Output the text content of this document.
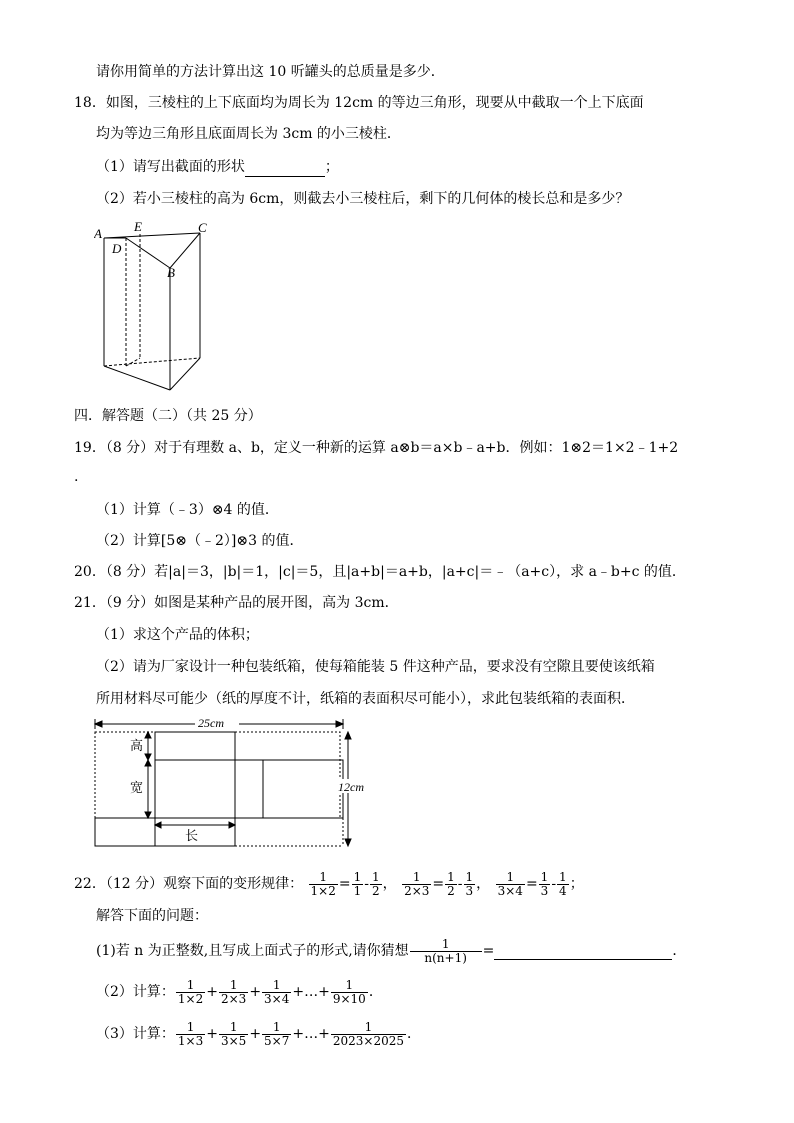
请你用简单的方法计算出这 10 听罐头的总质量是多少．
18．如图，三棱柱的上下底面均为周长为 12cm 的等边三角形，现要从中截取一个上下底面
均为等边三角形且底面周长为 3cm 的小三棱柱．
（1）请写出截面的形状	；
（2）若小三棱柱的高为 6cm，则截去小三棱柱后，剩下的几何体的棱长总和是多少？
A E	C
D
B
四．解答题（二）（共 25 分）
19．（8 分）对于有理数 a、b，定义一种新的运算 a⊗b＝a×b﹣a+b．例如：1⊗2＝1×2﹣1+2
.
（1）计算（﹣3）⊗4 的值．
（2）计算[5⊗（﹣2）]⊗3 的值．
20．（8 分）若|a|＝3，|b|＝1，|c|＝5，且|a+b|＝a+b，|a+c|＝﹣（a+c），求 a﹣b+c 的值．
21．（9 分）如图是某种产品的展开图，高为 3cm．
（1）求这个产品的体积；
（2）请为厂家设计一种包装纸箱，使每箱能装 5 件这种产品，要求没有空隙且要使该纸箱
所用材料尽可能少（纸的厚度不计，纸箱的表面积尽可能小），求此包装纸箱的表面积．
25cm
12cm
高
宽
长
22．（12 分）观察下面的变形规律： $\frac{1}{1\times 2} = \frac{1}{1} - \frac{1}{2}$ ， $\frac{1}{2\times 3} = \frac{1}{2} - \frac{1}{3}$ ， $\frac{1}{3\times 4} = \frac{1}{3} - \frac{1}{4}$ ；
解答下面的问题：
(1)若 n 为正整数,且写成上面式子的形式,请你猜想 $\frac{1}{n(n+1)}$ =	．
（2）计算： $\frac{1}{1\times 2} + \frac{1}{2\times 3} + \frac{1}{3\times 4}$ +…+ $\frac{1}{9\times 10}$ ．
（3）计算： $\frac{1}{1\times 3} + \frac{1}{3\times 5} + \frac{1}{5\times 7}$ +…+ $\frac{1}{2023\times 2025}$ ．
